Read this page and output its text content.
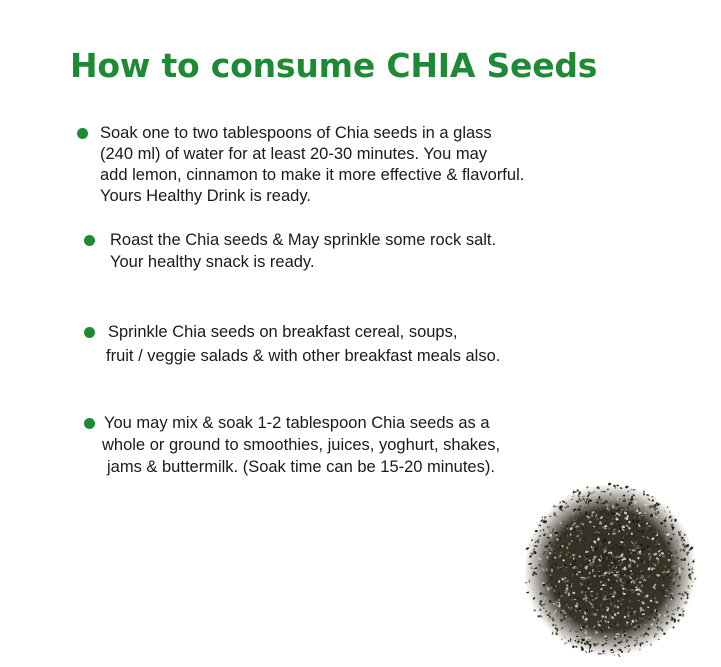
How to consume CHIA Seeds

Soak one to two tablespoons of Chia seeds in a glass

(240 ml) of water for at least 20-30 minutes. You may

add lemon, cinnamon to make it more effective & flavorful.

Yours Healthy Drink is ready.

Roast the Chia seeds & May sprinkle some rock salt.

Your healthy snack is ready.

Sprinkle Chia seeds on breakfast cereal, soups,

fruit / veggie salads & with other breakfast meals also.

You may mix & soak 1-2 tablespoon Chia seeds as a

whole or ground to smoothies, juices, yoghurt, shakes,

jams & buttermilk. (Soak time can be 15-20 minutes).
